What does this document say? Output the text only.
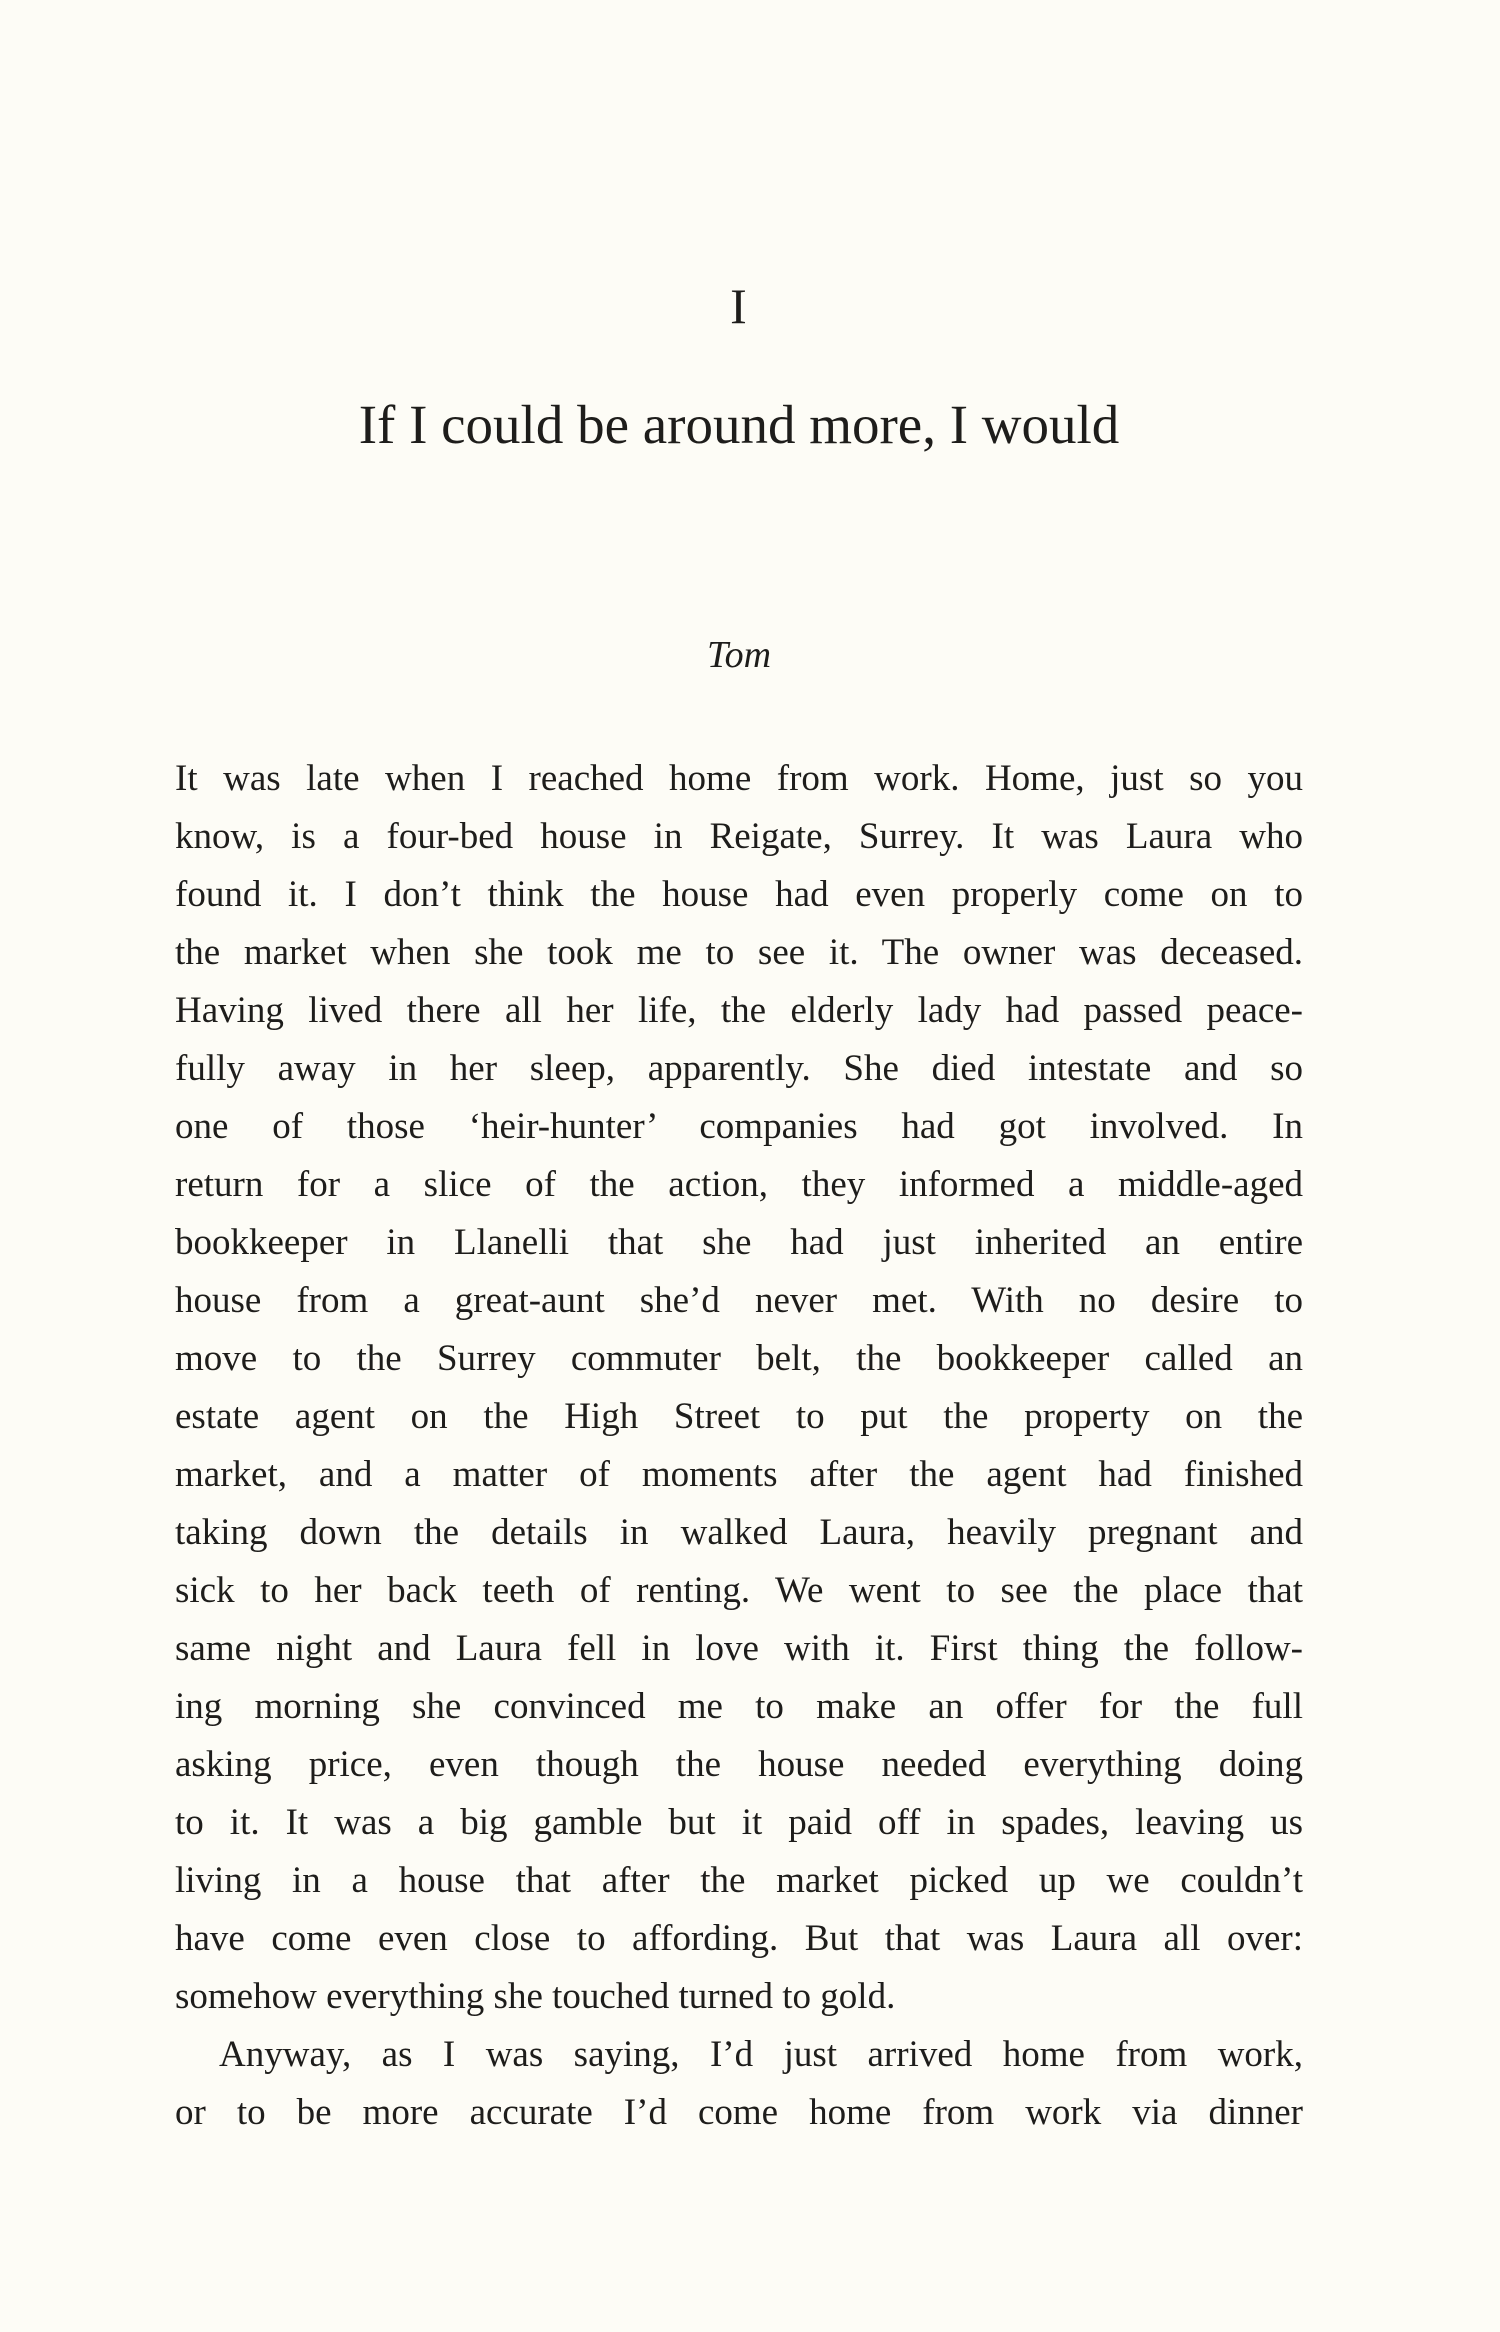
I
If I could be around more, I would
Tom

It was late when I reached home from work. Home, just so you
know, is a four-bed house in Reigate, Surrey. It was Laura who
found it. I don’t think the house had even properly come on to
the market when she took me to see it. The owner was deceased.
Having lived there all her life, the elderly lady had passed peace-
fully away in her sleep, apparently. She died intestate and so
one of those ‘heir-hunter’ companies had got involved. In
return for a slice of the action, they informed a middle-aged
bookkeeper in Llanelli that she had just inherited an entire
house from a great-aunt she’d never met. With no desire to
move to the Surrey commuter belt, the bookkeeper called an
estate agent on the High Street to put the property on the
market, and a matter of moments after the agent had finished
taking down the details in walked Laura, heavily pregnant and
sick to her back teeth of renting. We went to see the place that
same night and Laura fell in love with it. First thing the follow-
ing morning she convinced me to make an offer for the full
asking price, even though the house needed everything doing
to it. It was a big gamble but it paid off in spades, leaving us
living in a house that after the market picked up we couldn’t
have come even close to affording. But that was Laura all over:
somehow everything she touched turned to gold.

Anyway, as I was saying, I’d just arrived home from work,
or to be more accurate I’d come home from work via dinner
